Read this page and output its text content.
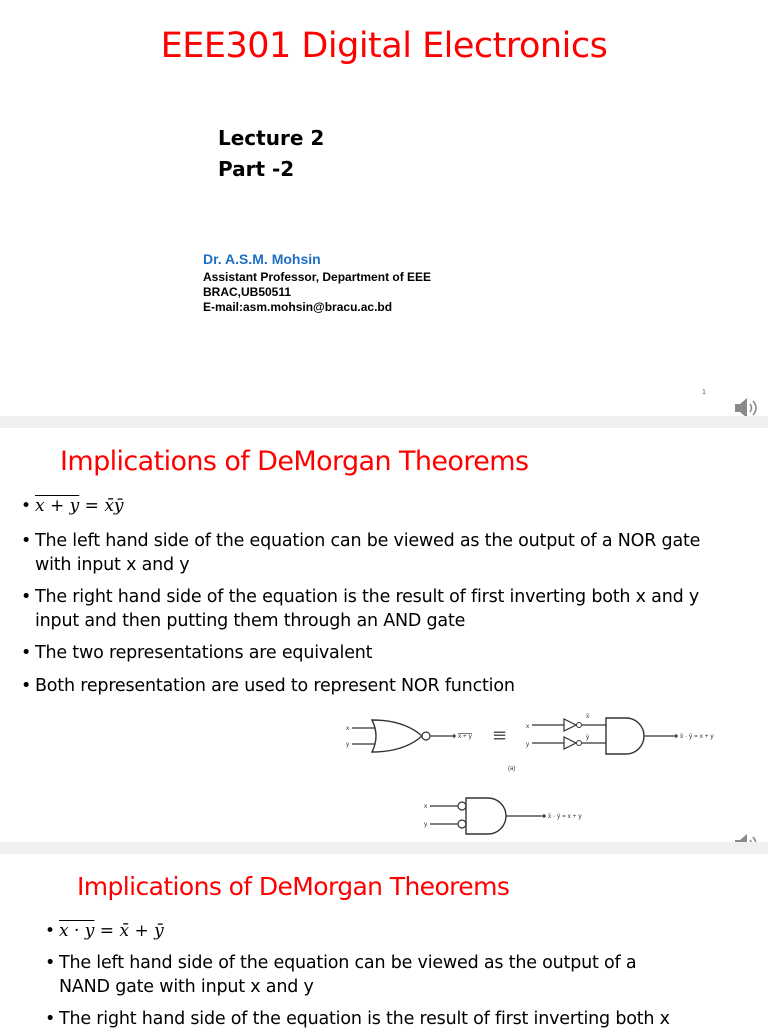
EEE301 Digital Electronics
Lecture 2
Part -2
Dr. A.S.M. Mohsin
Assistant Professor, Department of EEE
BRAC,UB50511
E-mail:asm.mohsin@bracu.ac.bd
1
Implications of DeMorgan Theorems
• x + y = x̄ȳ
• The left hand side of the equation can be viewed as the output of a NOR gate
with input x and y
• The right hand side of the equation is the result of first inverting both x and y
input and then putting them through an AND gate
• The two representations are equivalent
• Both representation are used to represent NOR function
x
y
x + y ≡	x
y
x̄
ȳ	x̄ · ȳ = x + y
(a)
x
y
x̄ · ȳ = x + y
Implications of DeMorgan Theorems
• x · y = x̄ + ȳ
• The left hand side of the equation can be viewed as the output of a
NAND gate with input x and y
• The right hand side of the equation is the result of first inverting both x
